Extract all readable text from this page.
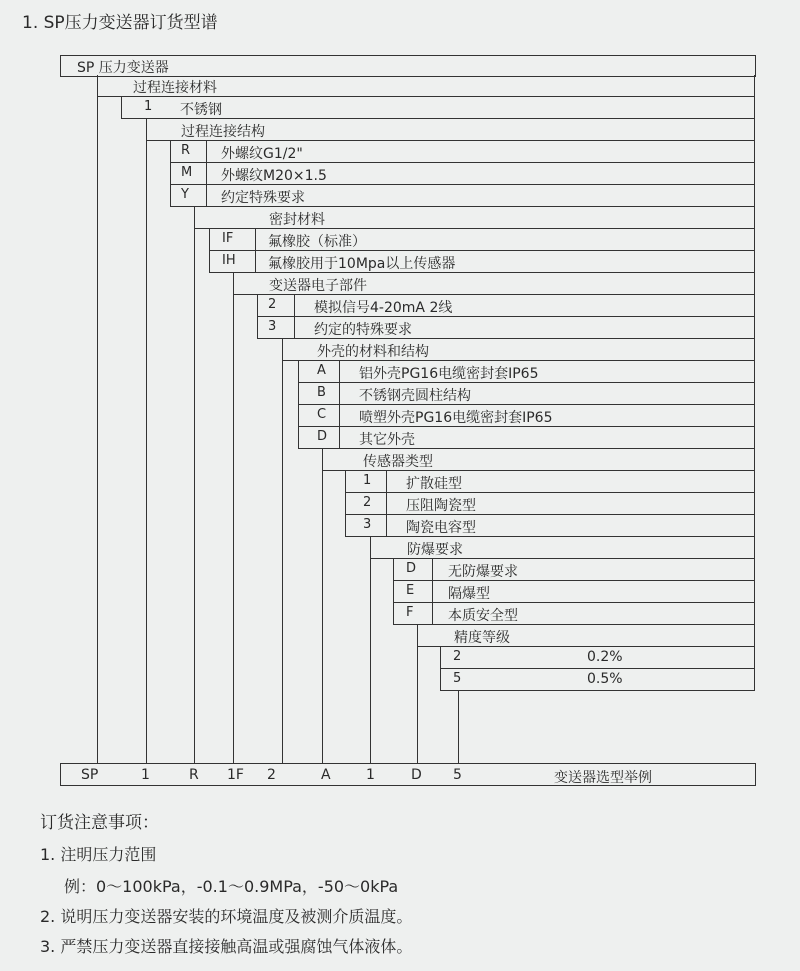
1. SP压力变送器订货型谱
SP 压力变送器
过程连接材料
1 不锈钢
过程连接结构
R 外螺纹G1/2"
M 外螺纹M20×1.5
Y 约定特殊要求
密封材料
IF 氟橡胶（标准）
IH 氟橡胶用于10Mpa以上传感器
变送器电子部件
2	模拟信号4-20mA 2线
3	约定的特殊要求
外壳的材料和结构
A 铝外壳PG16电缆密封套IP65
B 不锈钢壳圆柱结构
C 喷塑外壳PG16电缆密封套IP65
D 其它外壳
传感器类型
1 扩散硅型
2 压阻陶瓷型
3 陶瓷电容型
防爆要求
D 无防爆要求
E 隔爆型
F 本质安全型
精度等级
2	0.2%
5	0.5%
SP	1	R 1F 2	A	1	D 5	变送器选型举例
订货注意事项：
1. 注明压力范围
例：0～100kPa，-0.1～0.9MPa，-50～0kPa
2. 说明压力变送器安装的环境温度及被测介质温度。
3. 严禁压力变送器直接接触高温或强腐蚀气体液体。
